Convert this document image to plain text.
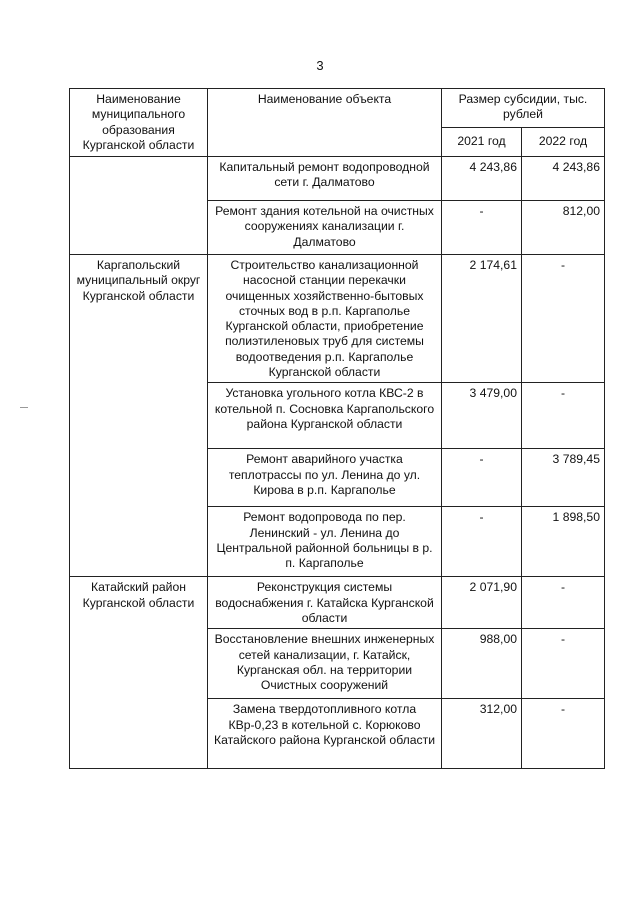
3
Наименование муниципального образования Курганской области	Наименование объекта	Размер субсидии, тыс. рублей	
		2021 год	2022 год
	Капитальный ремонт водопроводной сети г. Далматово	4 243,86	4 243,86
	Ремонт здания котельной на очистных сооружениях канализации г. Далматово	-	812,00
Каргапольский муниципальный округ Курганской области	Строительство канализационной насосной станции перекачки очищенных хозяйственно-бытовых сточных вод в р.п. Каргаполье Курганской области, приобретение полиэтиленовых труб для системы водоотведения р.п. Каргаполье Курганской области	2 174,61	-
	Установка угольного котла КВС-2 в котельной п. Сосновка Каргапольского района Курганской области	3 479,00	-
	Ремонт аварийного участка теплотрассы по ул. Ленина до ул. Кирова в р.п. Каргаполье	-	3 789,45
	Ремонт водопровода по пер. Ленинский - ул. Ленина до Центральной районной больницы в р. п. Каргаполье	-	1 898,50
Катайский район Курганской области	Реконструкция системы водоснабжения г. Катайска Курганской области	2 071,90	-
	Восстановление внешних инженерных сетей канализации, г. Катайск, Курганская обл. на территории Очистных сооружений	988,00	-
	Замена твердотопливного котла КВр-0,23 в котельной с. Корюково Катайского района Курганской области	312,00	-
